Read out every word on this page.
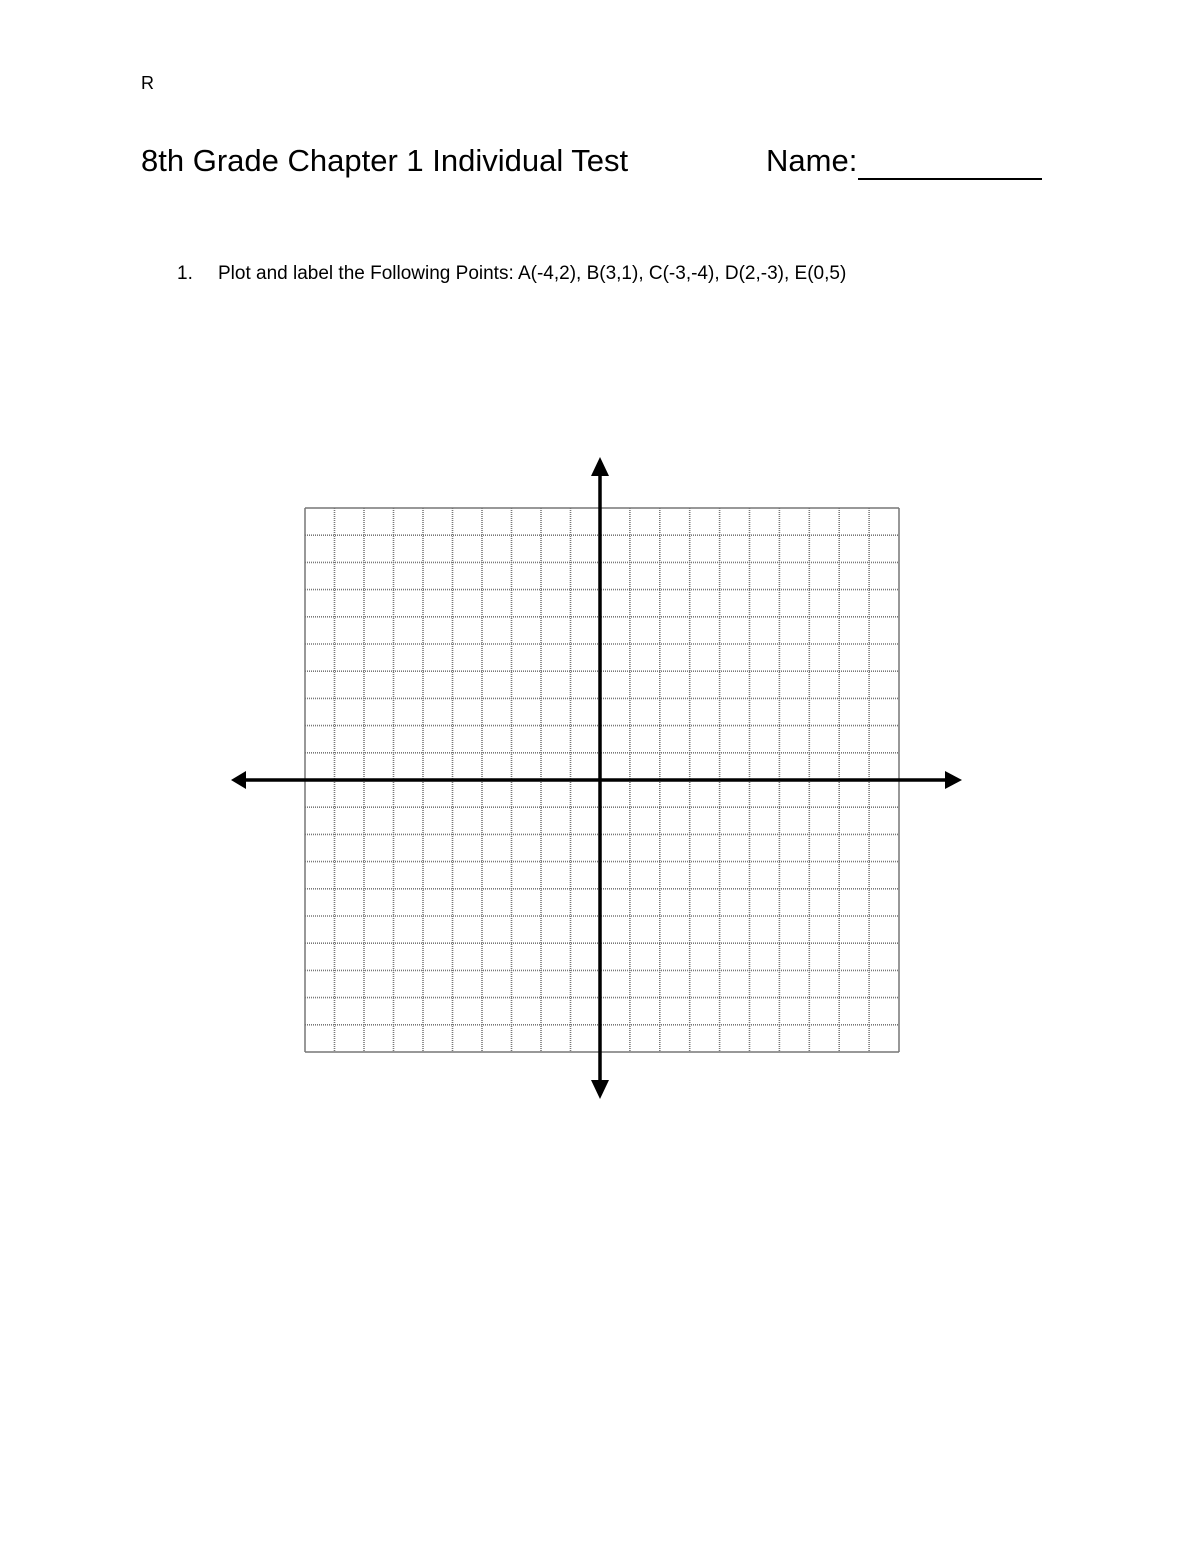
R
8th Grade Chapter 1 Individual Test	Name:
1.	Plot and label the Following Points: A(-4,2), B(3,1), C(-3,-4), D(2,-3), E(0,5)
